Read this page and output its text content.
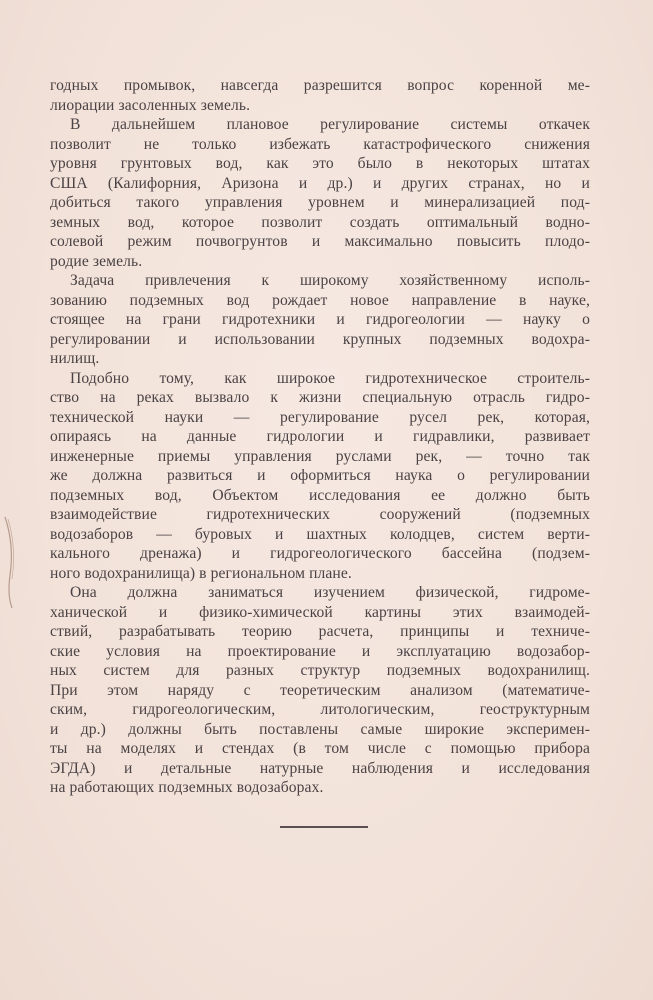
годных промывок, навсегда разрешится вопрос коренной ме-
лиорации засоленных земель.
В дальнейшем плановое регулирование системы откачек
позволит не только избежать катастрофического снижения
уровня грунтовых вод, как это было в некоторых штатах
США (Калифорния, Аризона и др.) и других странах, но и
добиться такого управления уровнем и минерализацией под-
земных вод, которое позволит создать оптимальный водно-
солевой режим почвогрунтов и максимально повысить плодо-
родие земель.
Задача привлечения к широкому хозяйственному исполь-
зованию подземных вод рождает новое направление в науке,
стоящее на грани гидротехники и гидрогеологии — науку о
регулировании и использовании крупных подземных водохра-
нилищ.
Подобно тому, как широкое гидротехническое строитель-
ство на реках вызвало к жизни специальную отрасль гидро-
технической науки — регулирование русел рек, которая,
опираясь на данные гидрологии и гидравлики, развивает
инженерные приемы управления руслами рек, — точно так
же должна развиться и оформиться наука о регулировании
подземных вод, Объектом исследования ее должно быть
взаимодействие гидротехнических сооружений (подземных
водозаборов — буровых и шахтных колодцев, систем верти-
кального дренажа) и гидрогеологического бассейна (подзем-
ного водохранилища) в региональном плане.
Она должна заниматься изучением физической, гидроме-
ханической и физико-химической картины этих взаимодей-
ствий, разрабатывать теорию расчета, принципы и техниче-
ские условия на проектирование и эксплуатацию водозабор-
ных систем для разных структур подземных водохранилищ.
При этом наряду с теоретическим анализом (математиче-
ским, гидрогеологическим, литологическим, геоструктурным
и др.) должны быть поставлены самые широкие эксперимен-
ты на моделях и стендах (в том числе с помощью прибора
ЭГДА) и детальные натурные наблюдения и исследования
на работающих подземных водозаборах.
